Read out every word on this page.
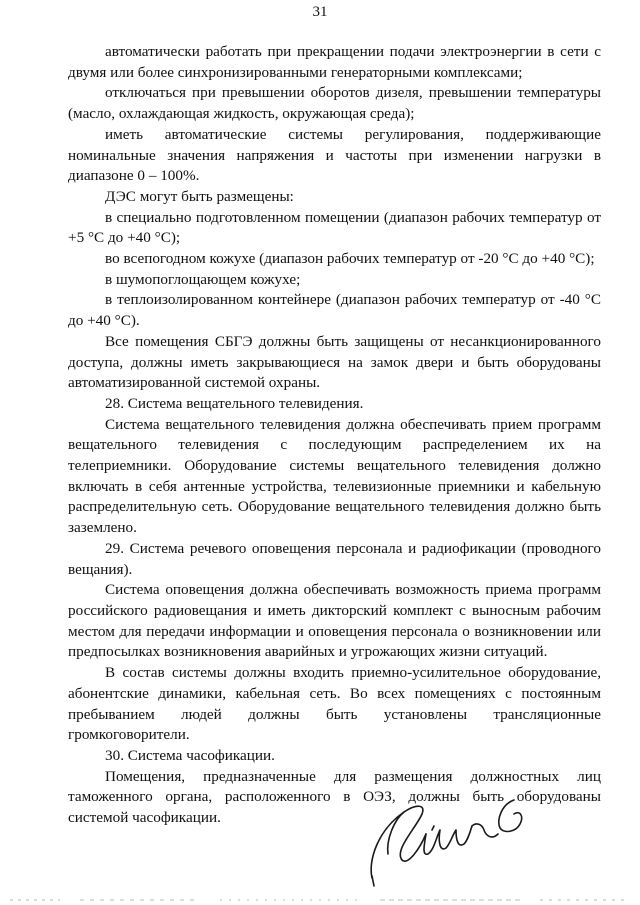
31

автоматически работать при прекращении подачи электроэнергии в сети с двумя или более синхронизированными генераторными комплексами;

отключаться при превышении оборотов дизеля, превышении температуры (масло, охлаждающая жидкость, окружающая среда);

иметь автоматические системы регулирования, поддерживающие номинальные значения напряжения и частоты при изменении нагрузки в диапазоне 0 – 100%.

ДЭС могут быть размещены:

в специально подготовленном помещении (диапазон рабочих температур от +5 °С до +40 °С);

во всепогодном кожухе (диапазон рабочих температур от -20 °С до +40 °С);

в шумопоглощающем кожухе;

в теплоизолированном контейнере (диапазон рабочих температур от -40 °С до +40 °С).

Все помещения СБГЭ должны быть защищены от несанкционированного доступа, должны иметь закрывающиеся на замок двери и быть оборудованы автоматизированной системой охраны.

28. Система вещательного телевидения.

Система вещательного телевидения должна обеспечивать прием программ вещательного телевидения с последующим распределением их на телеприемники. Оборудование системы вещательного телевидения должно включать в себя антенные устройства, телевизионные приемники и кабельную распределительную сеть. Оборудование вещательного телевидения должно быть заземлено.

29. Система речевого оповещения персонала и радиофикации (проводного вещания).

Система оповещения должна обеспечивать возможность приема программ российского радиовещания и иметь дикторский комплект с выносным рабочим местом для передачи информации и оповещения персонала о возникновении или предпосылках возникновения аварийных и угрожающих жизни ситуаций.

В состав системы должны входить приемно-усилительное оборудование, абонентские динамики, кабельная сеть. Во всех помещениях с постоянным пребыванием людей должны быть установлены трансляционные громкоговорители.

30. Система часофикации.

Помещения, предназначенные для размещения должностных лиц таможенного органа, расположенного в ОЭЗ, должны быть оборудованы системой часофикации.
